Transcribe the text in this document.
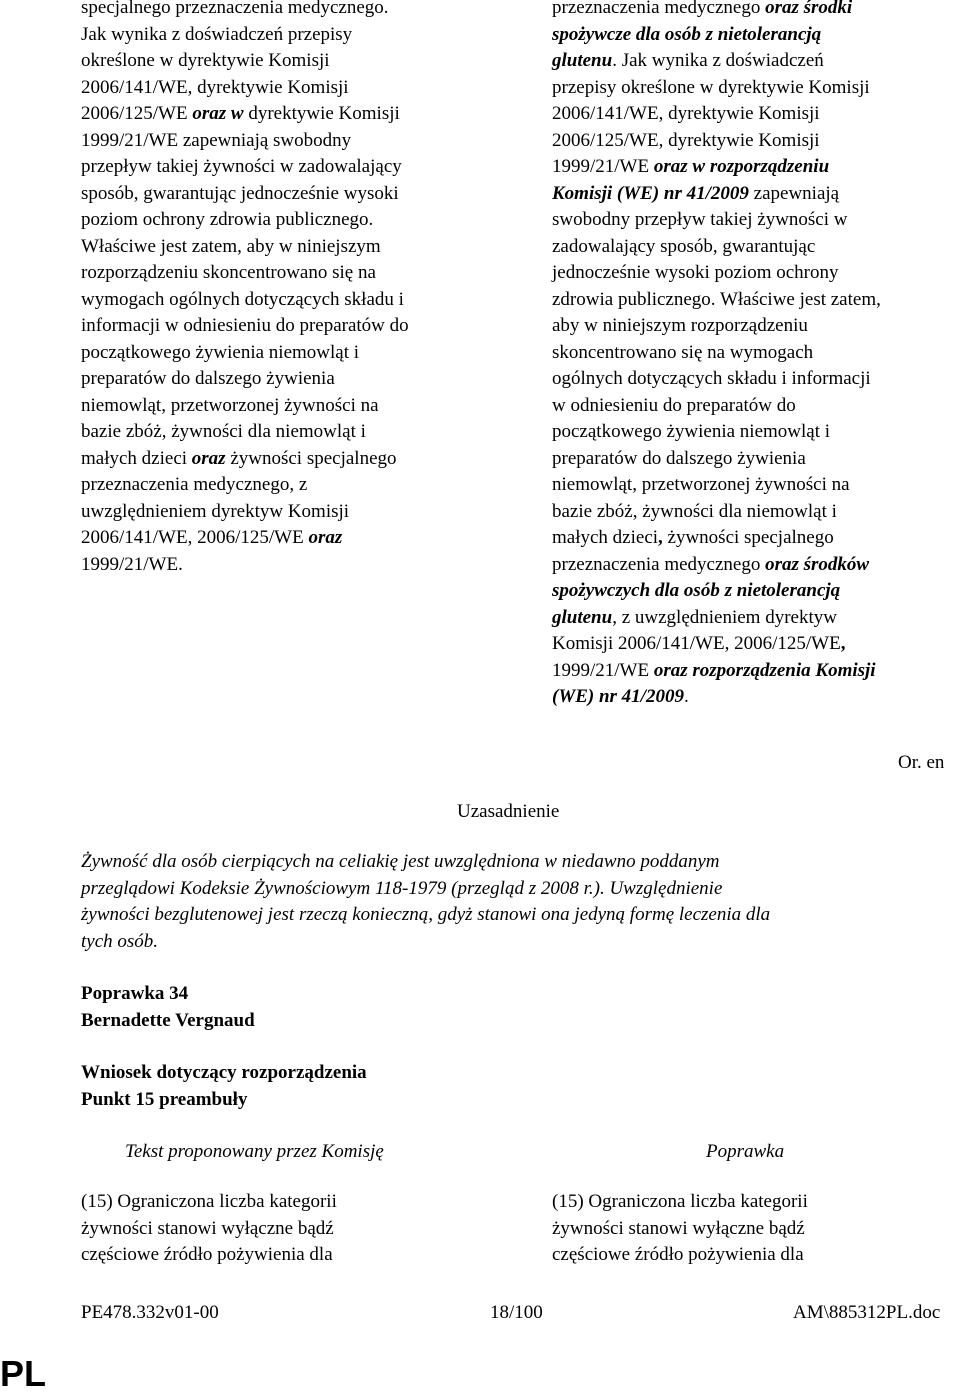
specjalnego przeznaczenia medycznego.
Jak wynika z doświadczeń przepisy
określone w dyrektywie Komisji
2006/141/WE, dyrektywie Komisji
2006/125/WE oraz w dyrektywie Komisji
1999/21/WE zapewniają swobodny
przepływ takiej żywności w zadowalający
sposób, gwarantując jednocześnie wysoki
poziom ochrony zdrowia publicznego.
Właściwe jest zatem, aby w niniejszym
rozporządzeniu skoncentrowano się na
wymogach ogólnych dotyczących składu i
informacji w odniesieniu do preparatów do
początkowego żywienia niemowląt i
preparatów do dalszego żywienia
niemowląt, przetworzonej żywności na
bazie zbóż, żywności dla niemowląt i
małych dzieci oraz żywności specjalnego
przeznaczenia medycznego, z
uwzględnieniem dyrektyw Komisji
2006/141/WE, 2006/125/WE oraz
1999/21/WE.
przeznaczenia medycznego oraz środki
spożywcze dla osób z nietolerancją
glutenu. Jak wynika z doświadczeń
przepisy określone w dyrektywie Komisji
2006/141/WE, dyrektywie Komisji
2006/125/WE, dyrektywie Komisji
1999/21/WE oraz w rozporządzeniu
Komisji (WE) nr 41/2009 zapewniają
swobodny przepływ takiej żywności w
zadowalający sposób, gwarantując
jednocześnie wysoki poziom ochrony
zdrowia publicznego. Właściwe jest zatem,
aby w niniejszym rozporządzeniu
skoncentrowano się na wymogach
ogólnych dotyczących składu i informacji
w odniesieniu do preparatów do
początkowego żywienia niemowląt i
preparatów do dalszego żywienia
niemowląt, przetworzonej żywności na
bazie zbóż, żywności dla niemowląt i
małych dzieci, żywności specjalnego
przeznaczenia medycznego oraz środków
spożywczych dla osób z nietolerancją
glutenu, z uwzględnieniem dyrektyw
Komisji 2006/141/WE, 2006/125/WE,
1999/21/WE oraz rozporządzenia Komisji
(WE) nr 41/2009.
Or. en
Uzasadnienie
Żywność dla osób cierpiących na celiakię jest uwzględniona w niedawno poddanym
przeglądowi Kodeksie Żywnościowym 118-1979 (przegląd z 2008 r.). Uwzględnienie
żywności bezglutenowej jest rzeczą konieczną, gdyż stanowi ona jedyną formę leczenia dla
tych osób.
Poprawka 34
Bernadette Vergnaud
Wniosek dotyczący rozporządzenia
Punkt 15 preambuły
Tekst proponowany przez Komisję	Poprawka
(15) Ograniczona liczba kategorii
żywności stanowi wyłączne bądź
częściowe źródło pożywienia dla
(15) Ograniczona liczba kategorii
żywności stanowi wyłączne bądź
częściowe źródło pożywienia dla
PE478.332v01-00	18/100	AM\885312PL.doc
PL
